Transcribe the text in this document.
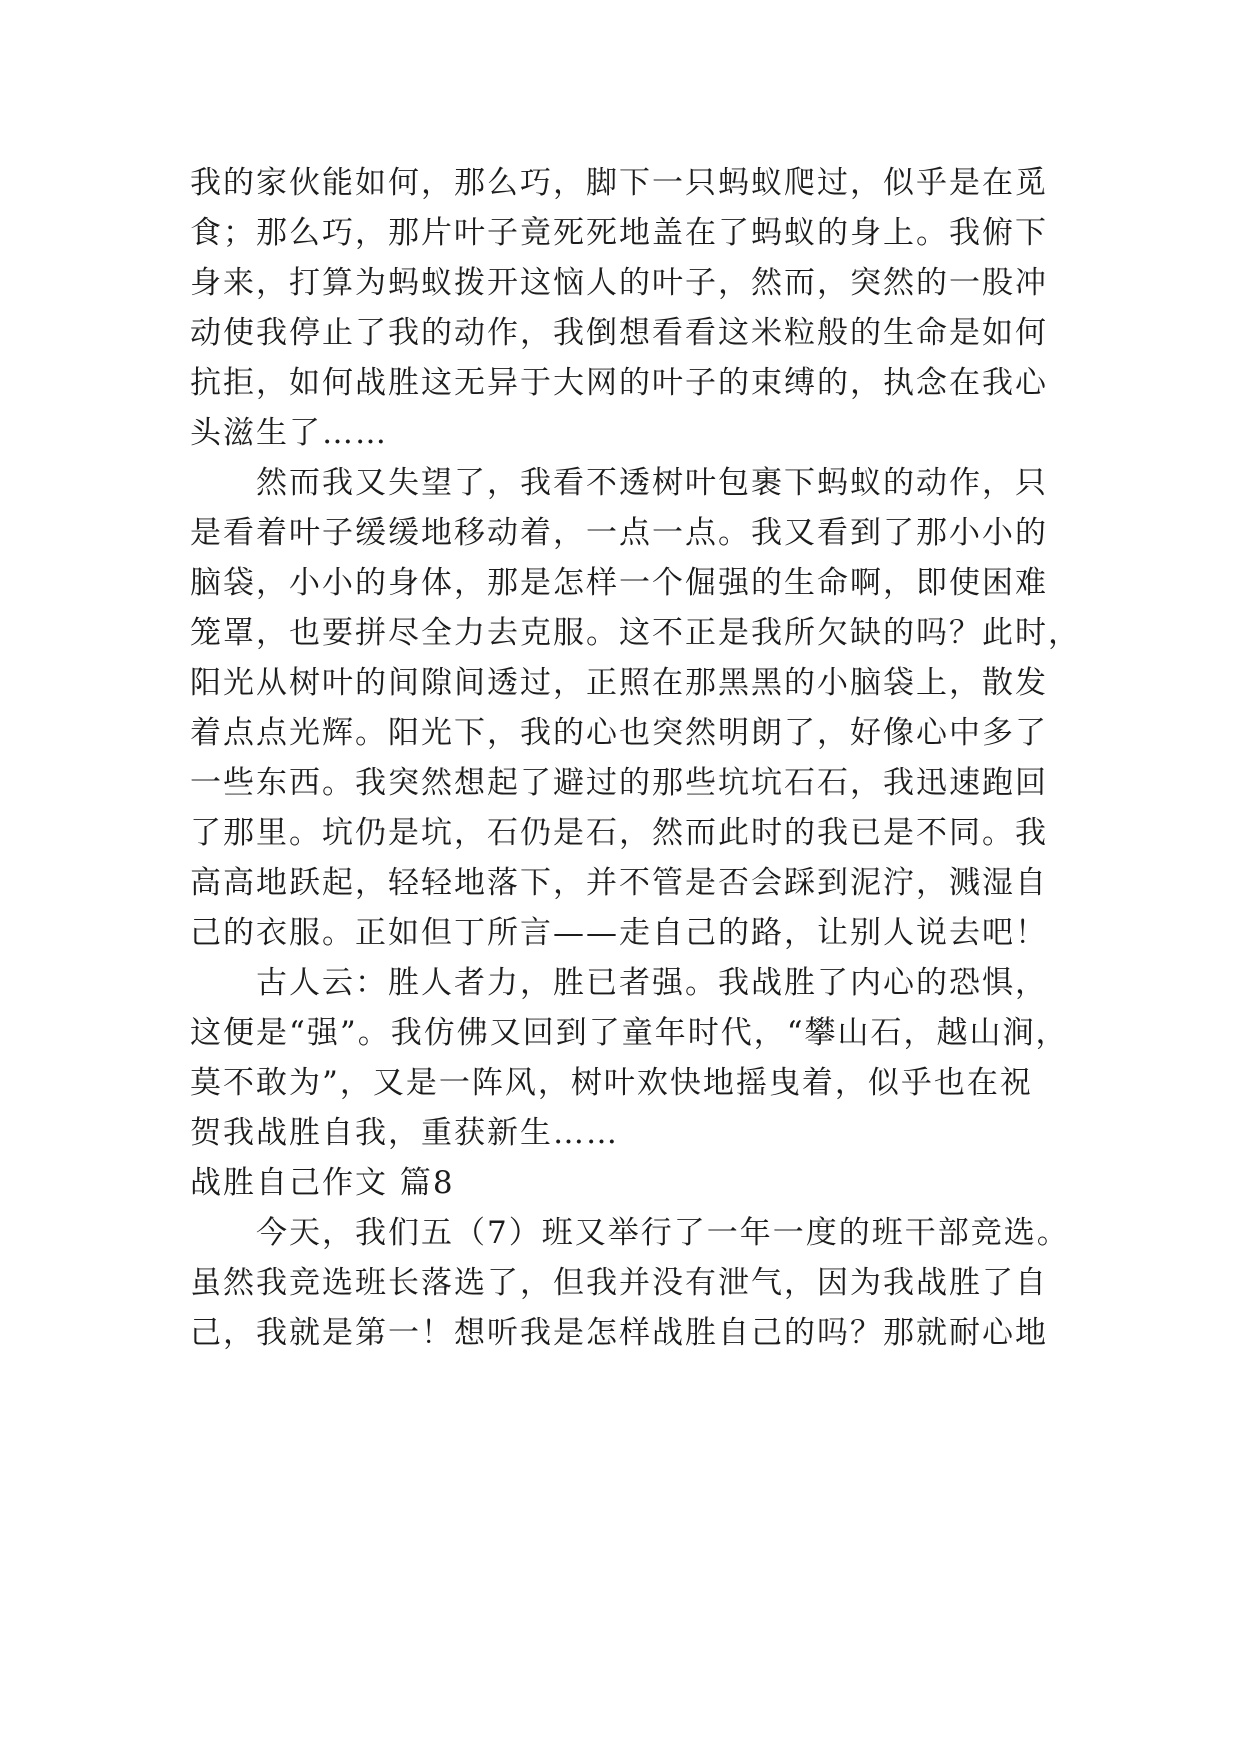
我的家伙能如何，那么巧，脚下一只蚂蚁爬过，似乎是在觅
食；那么巧，那片叶子竟死死地盖在了蚂蚁的身上。我俯下
身来，打算为蚂蚁拨开这恼人的叶子，然而，突然的一股冲
动使我停止了我的动作，我倒想看看这米粒般的生命是如何
抗拒，如何战胜这无异于大网的叶子的束缚的，执念在我心
头滋生了……
然而我又失望了，我看不透树叶包裹下蚂蚁的动作，只
是看着叶子缓缓地移动着，一点一点。我又看到了那小小的
脑袋，小小的身体，那是怎样一个倔强的生命啊，即使困难
笼罩，也要拼尽全力去克服。这不正是我所欠缺的吗？此时，
阳光从树叶的间隙间透过，正照在那黑黑的小脑袋上，散发
着点点光辉。阳光下，我的心也突然明朗了，好像心中多了
一些东西。我突然想起了避过的那些坑坑石石，我迅速跑回
了那里。坑仍是坑，石仍是石，然而此时的我已是不同。我
高高地跃起，轻轻地落下，并不管是否会踩到泥泞，溅湿自
己的衣服。正如但丁所言——走自己的路，让别人说去吧！
古人云：胜人者力，胜已者强。我战胜了内心的恐惧，
这便是“强”。我仿佛又回到了童年时代，“攀山石，越山涧，
莫不敢为”，又是一阵风，树叶欢快地摇曳着，似乎也在祝
贺我战胜自我，重获新生……
战胜自己作文 篇8
今天，我们五（7）班又举行了一年一度的班干部竞选。
虽然我竞选班长落选了，但我并没有泄气，因为我战胜了自
己，我就是第一！想听我是怎样战胜自己的吗？那就耐心地
